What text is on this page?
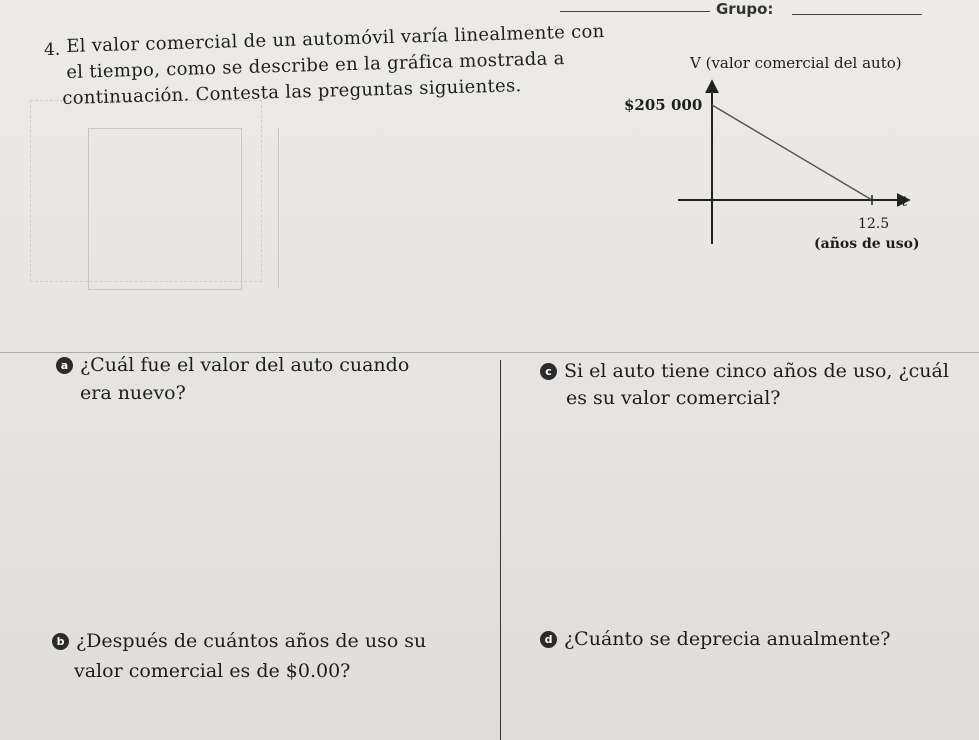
Grupo:
4. El valor comercial de un automóvil varía linealmente con
el tiempo, como se describe en la gráfica mostrada a
continuación. Contesta las preguntas siguientes.
V (valor comercial del auto)
$205 000
t
12.5
(años de uso)
a ¿Cuál fue el valor del auto cuando
era nuevo?
c Si el auto tiene cinco años de uso, ¿cuál
es su valor comercial?
b ¿Después de cuántos años de uso su
valor comercial es de $0.00?
d ¿Cuánto se deprecia anualmente?
